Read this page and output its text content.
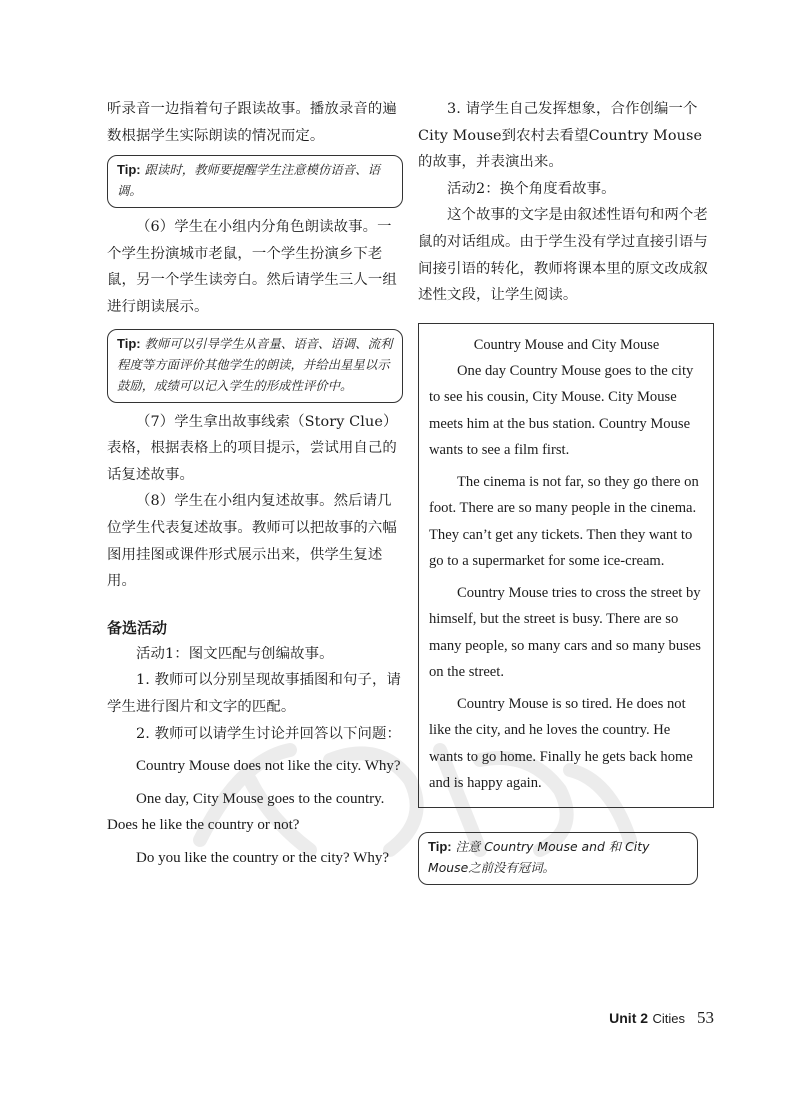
听录音一边指着句子跟读故事。播放录音的遍数根据学生实际朗读的情况而定。

Tip: 跟读时，教师要提醒学生注意模仿语音、语调。

（6）学生在小组内分角色朗读故事。一个学生扮演城市老鼠，一个学生扮演乡下老鼠，另一个学生读旁白。然后请学生三人一组进行朗读展示。

Tip: 教师可以引导学生从音量、语音、语调、流利程度等方面评价其他学生的朗读，并给出星星以示鼓励，成绩可以记入学生的形成性评价中。

（7）学生拿出故事线索（Story Clue）表格，根据表格上的项目提示，尝试用自己的话复述故事。

（8）学生在小组内复述故事。然后请几位学生代表复述故事。教师可以把故事的六幅图用挂图或课件形式展示出来，供学生复述用。

备选活动

活动1：图文匹配与创编故事。

1. 教师可以分别呈现故事插图和句子，请学生进行图片和文字的匹配。

2. 教师可以请学生讨论并回答以下问题：

Country Mouse does not like the city. Why?

One day, City Mouse goes to the country. Does he like the country or not?

Do you like the country or the city? Why?

3. 请学生自己发挥想象，合作创编一个City Mouse到农村去看望Country Mouse的故事，并表演出来。

活动2：换个角度看故事。

这个故事的文字是由叙述性语句和两个老鼠的对话组成。由于学生没有学过直接引语与间接引语的转化，教师将课本里的原文改成叙述性文段，让学生阅读。

Country Mouse and City Mouse

One day Country Mouse goes to the city to see his cousin, City Mouse. City Mouse meets him at the bus station. Country Mouse wants to see a film first.

The cinema is not far, so they go there on foot. There are so many people in the cinema. They can’t get any tickets. Then they want to go to a supermarket for some ice-cream.

Country Mouse tries to cross the street by himself, but the street is busy. There are so many people, so many cars and so many buses on the street.

Country Mouse is so tired. He does not like the city, and he loves the country. He wants to go home. Finally he gets back home and is happy again.

Tip: 注意 Country Mouse and 和 City Mouse之前没有冠词。
Unit 2 Cities 53
